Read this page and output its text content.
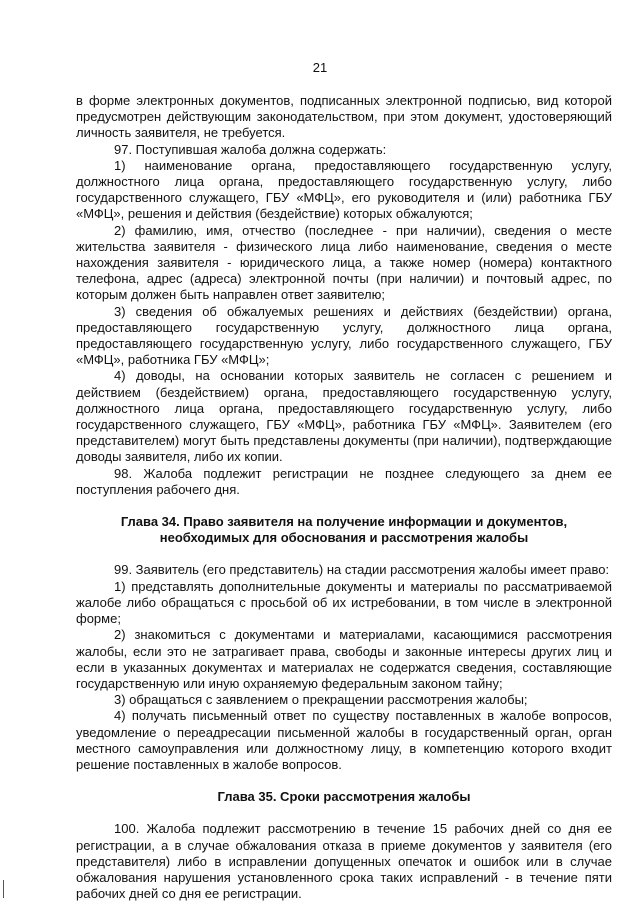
21

в форме электронных документов, подписанных электронной подписью, вид которой предусмотрен действующим законодательством, при этом документ, удостоверяющий личность заявителя, не требуется.

97. Поступившая жалоба должна содержать:

1) наименование органа, предоставляющего государственную услугу, должностного лица органа, предоставляющего государственную услугу, либо государственного служащего, ГБУ «МФЦ», его руководителя и (или) работника ГБУ «МФЦ», решения и действия (бездействие) которых обжалуются;

2) фамилию, имя, отчество (последнее - при наличии), сведения о месте жительства заявителя - физического лица либо наименование, сведения о месте нахождения заявителя - юридического лица, а также номер (номера) контактного телефона, адрес (адреса) электронной почты (при наличии) и почтовый адрес, по которым должен быть направлен ответ заявителю;

3) сведения об обжалуемых решениях и действиях (бездействии) органа, предоставляющего государственную услугу, должностного лица органа, предоставляющего государственную услугу, либо государственного служащего, ГБУ «МФЦ», работника ГБУ «МФЦ»;

4) доводы, на основании которых заявитель не согласен с решением и действием (бездействием) органа, предоставляющего государственную услугу, должностного лица органа, предоставляющего государственную услугу, либо государственного служащего, ГБУ «МФЦ», работника ГБУ «МФЦ». Заявителем (его представителем) могут быть представлены документы (при наличии), подтверждающие доводы заявителя, либо их копии.

98. Жалоба подлежит регистрации не позднее следующего за днем ее поступления рабочего дня.

Глава 34. Право заявителя на получение информации и документов,
необходимых для обоснования и рассмотрения жалобы

99. Заявитель (его представитель) на стадии рассмотрения жалобы имеет право:

1) представлять дополнительные документы и материалы по рассматриваемой жалобе либо обращаться с просьбой об их истребовании, в том числе в электронной форме;

2) знакомиться с документами и материалами, касающимися рассмотрения жалобы, если это не затрагивает права, свободы и законные интересы других лиц и если в указанных документах и материалах не содержатся сведения, составляющие государственную или иную охраняемую федеральным законом тайну;

3) обращаться с заявлением о прекращении рассмотрения жалобы;

4) получать письменный ответ по существу поставленных в жалобе вопросов, уведомление о переадресации письменной жалобы в государственный орган, орган местного самоуправления или должностному лицу, в компетенцию которого входит решение поставленных в жалобе вопросов.

Глава 35. Сроки рассмотрения жалобы

100. Жалоба подлежит рассмотрению в течение 15 рабочих дней со дня ее регистрации, а в случае обжалования отказа в приеме документов у заявителя (его представителя) либо в исправлении допущенных опечаток и ошибок или в случае обжалования нарушения установленного срока таких исправлений - в течение пяти рабочих дней со дня ее регистрации.
